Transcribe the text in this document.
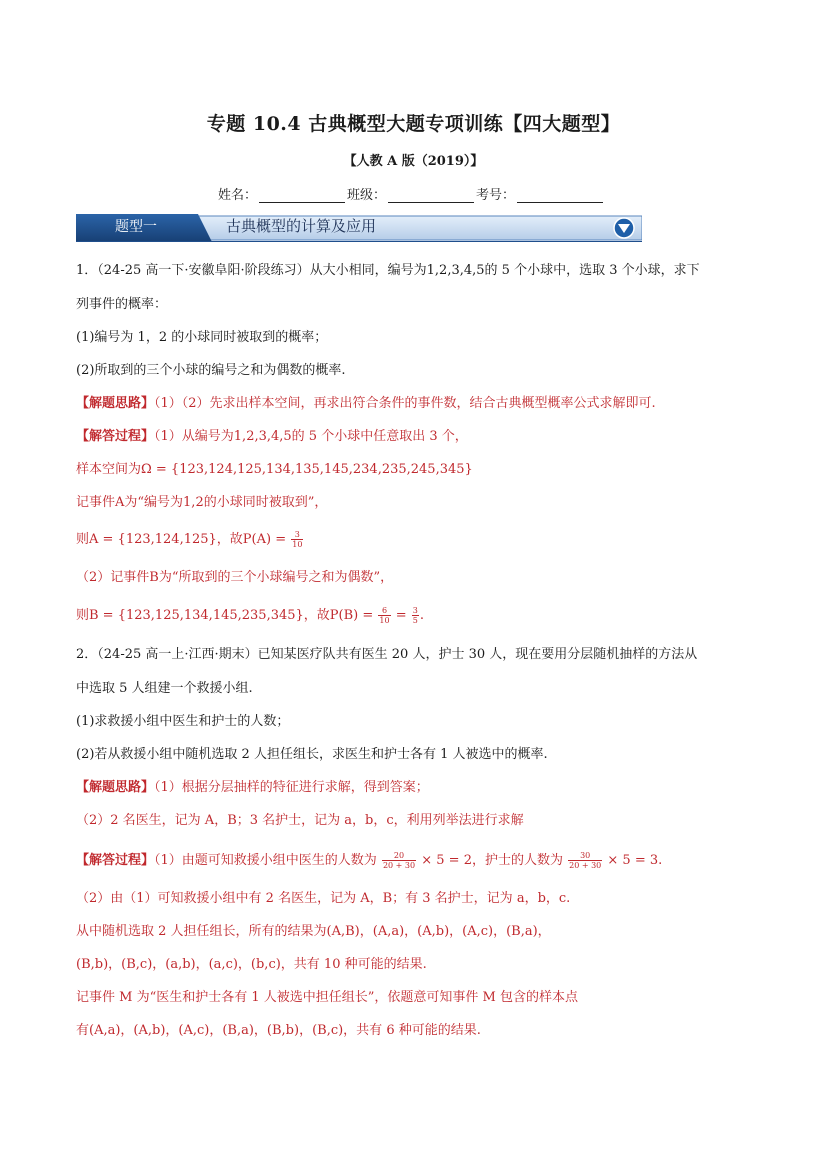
专题 10.4 古典概型大题专项训练【四大题型】
【人教 A 版（2019）】
姓名：	班级：	考号：
题型一	古典概型的计算及应用
1．（24-25 高一下·安徽阜阳·阶段练习）从大小相同，编号为1,2,3,4,5的 5 个小球中，选取 3 个小球，求下
列事件的概率：
(1)编号为 1，2 的小球同时被取到的概率；
(2)所取到的三个小球的编号之和为偶数的概率.
【解题思路】（1）（2）先求出样本空间，再求出符合条件的事件数，结合古典概型概率公式求解即可.
【解答过程】（1）从编号为1,2,3,4,5的 5 个小球中任意取出 3 个，
样本空间为Ω = {123,124,125,134,135,145,234,235,245,345}
记事件A为“编号为1,2的小球同时被取到”，
则A = {123,124,125}，故$P(A) = \frac{3}{10}$
（2）记事件B为“所取到的三个小球编号之和为偶数”，
则B = {123,125,134,145,235,345}，故$P(B) = \frac{6}{10} = \frac{3}{5}$ .
2．（24-25 高一上·江西·期末）已知某医疗队共有医生 20 人，护士 30 人，现在要用分层随机抽样的方法从
中选取 5 人组建一个救援小组.
(1)求救援小组中医生和护士的人数；
(2)若从救援小组中随机选取 2 人担任组长，求医生和护士各有 1 人被选中的概率.
【解题思路】（1）根据分层抽样的特征进行求解，得到答案；
（2）2 名医生，记为 A，B；3 名护士，记为 a，b，c，利用列举法进行求解
【解答过程】（1）由题可知救援小组中医生的人数为 $\frac{20}{20 + 30} \times 5 = 2$，护士的人数为 $\frac{30}{20 + 30} \times 5 = 3$.
（2）由（1）可知救援小组中有 2 名医生，记为 A，B；有 3 名护士，记为 a，b，c.
从中随机选取 2 人担任组长，所有的结果为(A,B)，(A,a)，(A,b)，(A,c)，(B,a)，
(B,b)，(B,c)，(a,b)，(a,c)，(b,c)，共有 10 种可能的结果.
记事件 M 为“医生和护士各有 1 人被选中担任组长”，依题意可知事件 M 包含的样本点
有(A,a)，(A,b)，(A,c)，(B,a)，(B,b)，(B,c)，共有 6 种可能的结果.
